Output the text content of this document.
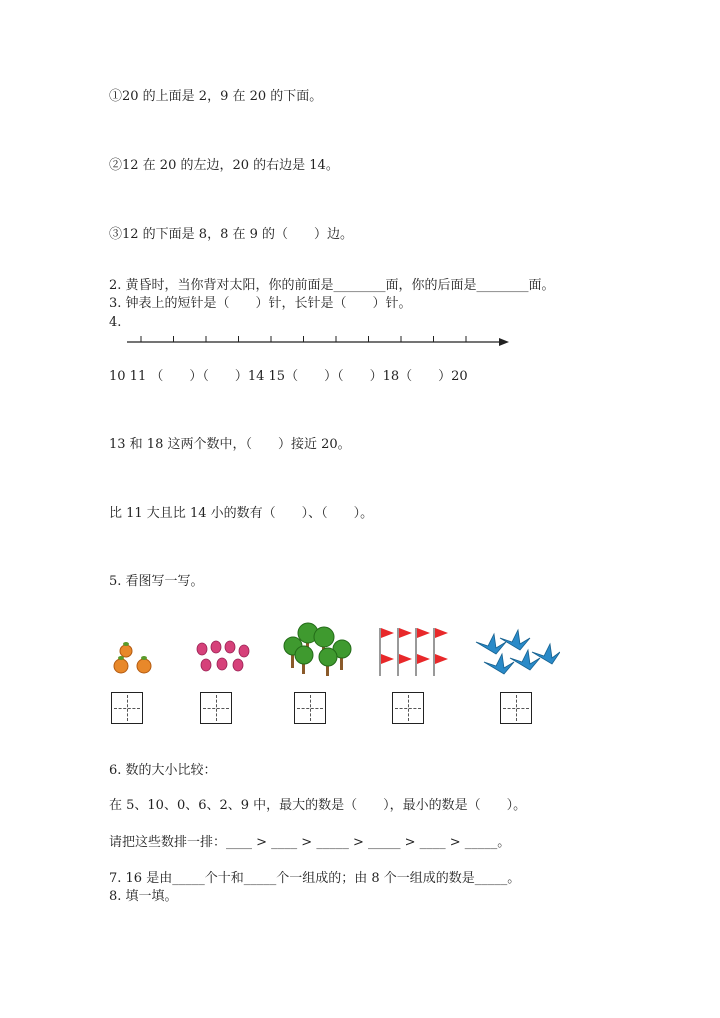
①20 的上面是 2，9 在 20 的下面。
②12 在 20 的左边，20 的右边是 14。
③12 的下面是 8，8 在 9 的（　　）边。
2. 黄昏时，当你背对太阳，你的前面是________面，你的后面是________面。
3. 钟表上的短针是（　　）针，长针是（　　）针。
4.
10 11 （　　）（　　）14 15（　　）（　　）18（　　）20
13 和 18 这两个数中，（　　）接近 20。
比 11 大且比 14 小的数有（　　）、（　　）。
5. 看图写一写。
6. 数的大小比较：
在 5、10、0、6、2、9 中，最大的数是（　　），最小的数是（　　）。
请把这些数排一排：____ > ____ > _____ > _____ > ____ > _____。
7. 16 是由_____个十和_____个一组成的；由 8 个一组成的数是_____。
8. 填一填。
